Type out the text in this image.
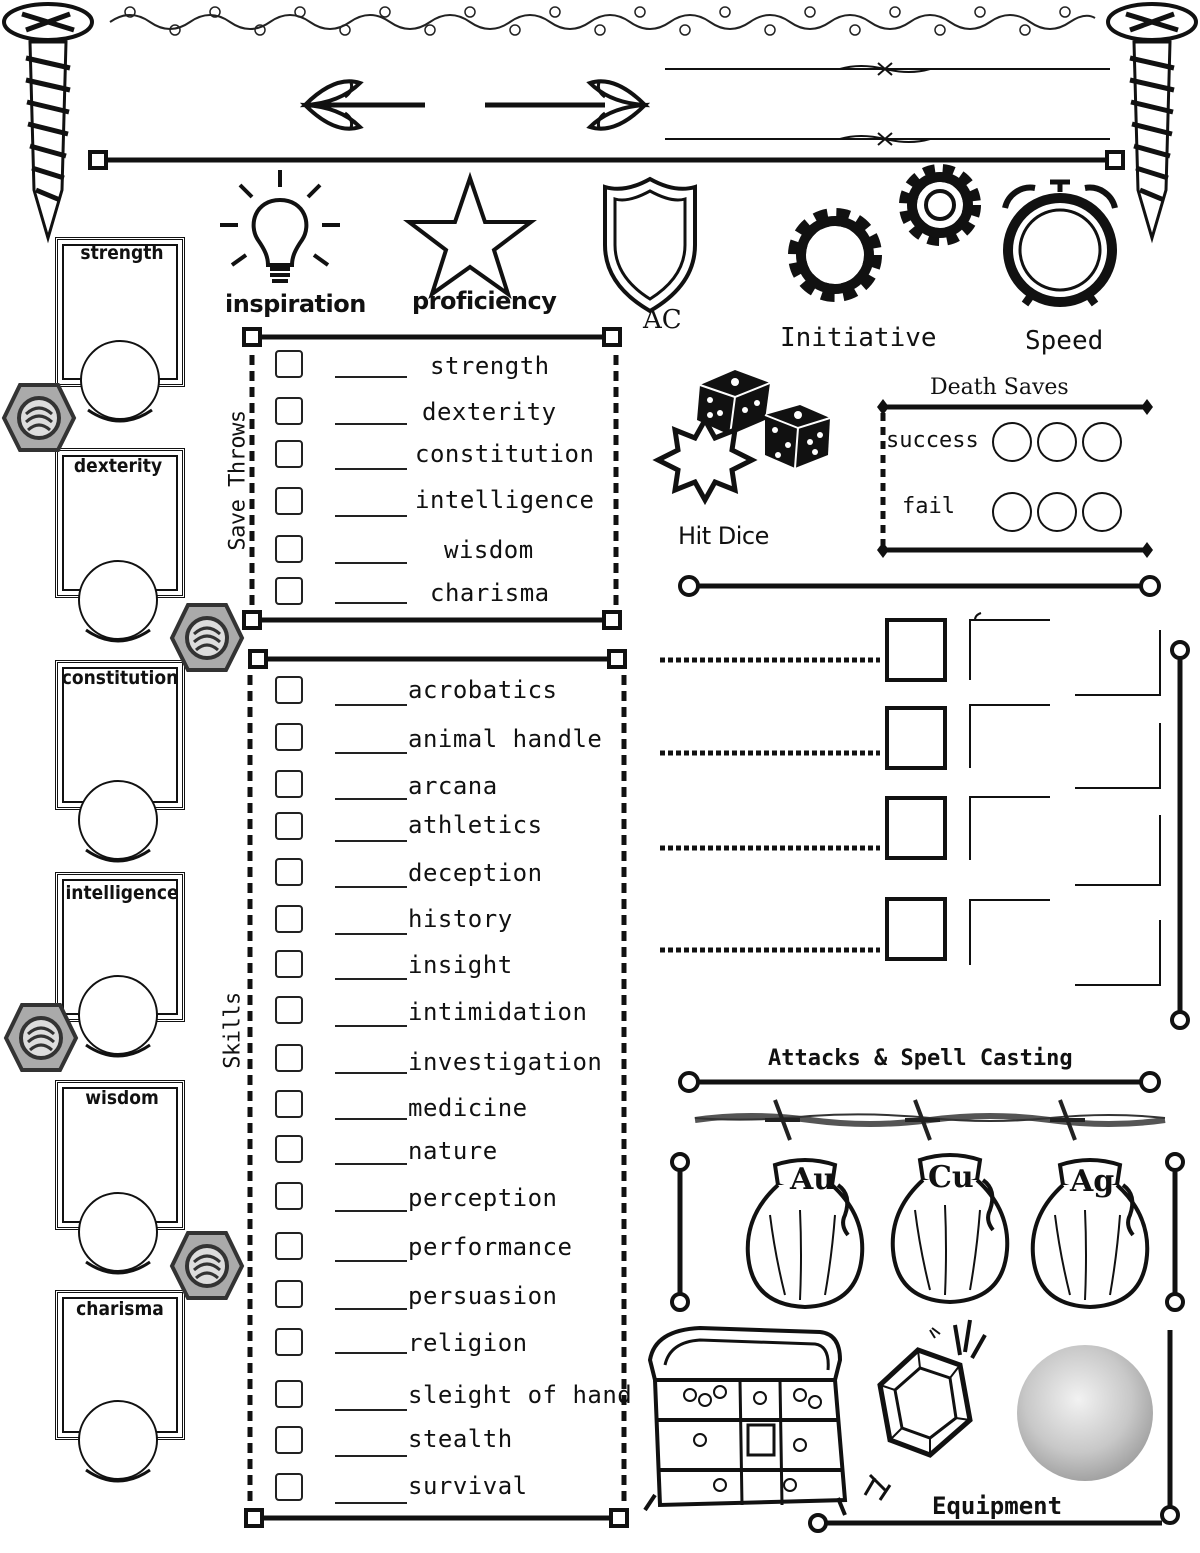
inspiration proficiency
AC
Initiative	Speed
strength
dexterity
constitution
intelligence
wisdom
charisma
Save Throws
strength
dexterity
constitution
intelligence
wisdom
charisma
Skills
acrobatics
animal handle
arcana
athletics
deception
history
insight
intimidation
investigation
medicine
nature
perception
performance
persuasion
religion
sleight of hand
stealth
survival
Hit Dice
Death Saves
success
fail
Attacks & Spell Casting
Au	Cu	Ag
Equipment
